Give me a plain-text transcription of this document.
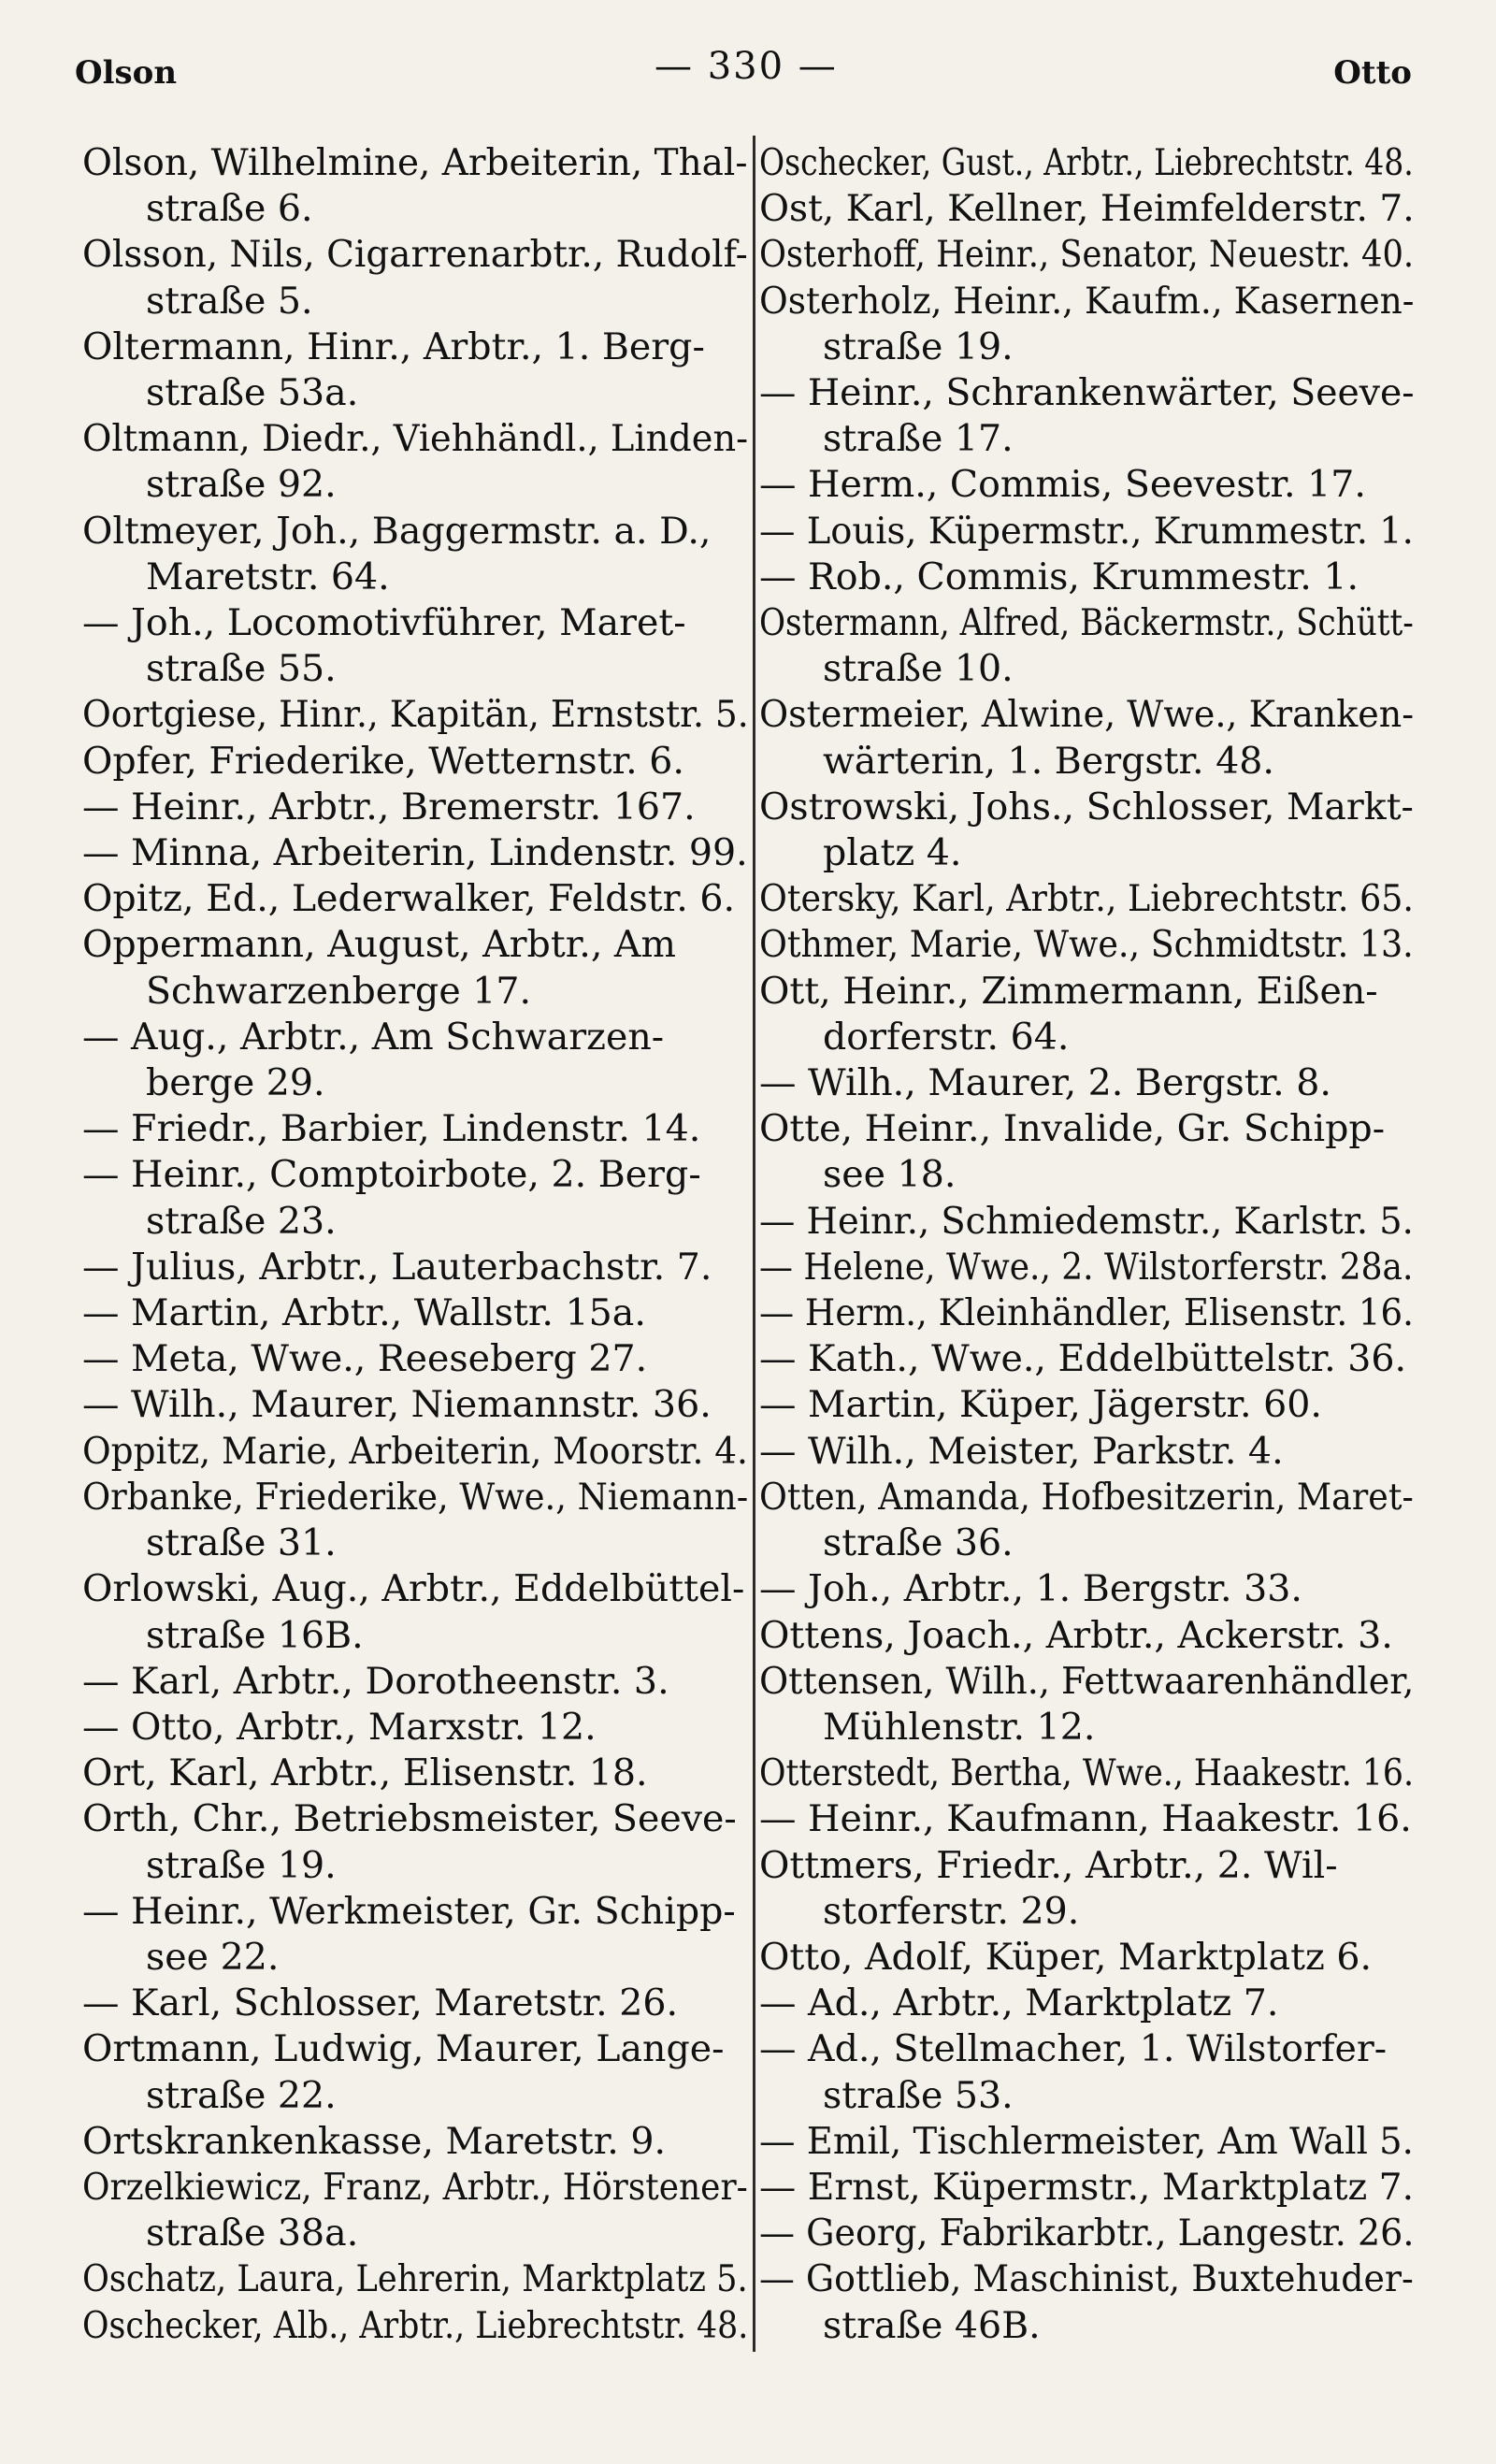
Olson	— 330 —	Otto
Olson, Wilhelmine, Arbeiterin, Thal-
straße 6.
Olsson, Nils, Cigarrenarbtr., Rudolf-
straße 5.
Oltermann, Hinr., Arbtr., 1. Berg-
straße 53a.
Oltmann, Diedr., Viehhändl., Linden-
straße 92.
Oltmeyer, Joh., Baggermstr. a. D.,
Maretstr. 64.
— Joh., Locomotivführer, Maret-
straße 55.
Oortgiese, Hinr., Kapitän, Ernststr. 5.
Opfer, Friederike, Wetternstr. 6.
— Heinr., Arbtr., Bremerstr. 167.
— Minna, Arbeiterin, Lindenstr. 99.
Opitz, Ed., Lederwalker, Feldstr. 6.
Oppermann, August, Arbtr., Am
Schwarzenberge 17.
— Aug., Arbtr., Am Schwarzen-
berge 29.
— Friedr., Barbier, Lindenstr. 14.
— Heinr., Comptoirbote, 2. Berg-
straße 23.
— Julius, Arbtr., Lauterbachstr. 7.
— Martin, Arbtr., Wallstr. 15a.
— Meta, Wwe., Reeseberg 27.
— Wilh., Maurer, Niemannstr. 36.
Oppitz, Marie, Arbeiterin, Moorstr. 4.
Orbanke, Friederike, Wwe., Niemann-
straße 31.
Orlowski, Aug., Arbtr., Eddelbüttel-
straße 16B.
— Karl, Arbtr., Dorotheenstr. 3.
— Otto, Arbtr., Marxstr. 12.
Ort, Karl, Arbtr., Elisenstr. 18.
Orth, Chr., Betriebsmeister, Seeve-
straße 19.
— Heinr., Werkmeister, Gr. Schipp-
see 22.
— Karl, Schlosser, Maretstr. 26.
Ortmann, Ludwig, Maurer, Lange-
straße 22.
Ortskrankenkasse, Maretstr. 9.
Orzelkiewicz, Franz, Arbtr., Hörstener-
straße 38a.
Oschatz, Laura, Lehrerin, Marktplatz 5.
Oschecker, Alb., Arbtr., Liebrechtstr. 48.
Oschecker, Gust., Arbtr., Liebrechtstr. 48.
Ost, Karl, Kellner, Heimfelderstr. 7.
Osterhoff, Heinr., Senator, Neuestr. 40.
Osterholz, Heinr., Kaufm., Kasernen-
straße 19.
— Heinr., Schrankenwärter, Seeve-
straße 17.
— Herm., Commis, Seevestr. 17.
— Louis, Küpermstr., Krummestr. 1.
— Rob., Commis, Krummestr. 1.
Ostermann, Alfred, Bäckermstr., Schütt-
straße 10.
Ostermeier, Alwine, Wwe., Kranken-
wärterin, 1. Bergstr. 48.
Ostrowski, Johs., Schlosser, Markt-
platz 4.
Otersky, Karl, Arbtr., Liebrechtstr. 65.
Othmer, Marie, Wwe., Schmidtstr. 13.
Ott, Heinr., Zimmermann, Eißen-
dorferstr. 64.
— Wilh., Maurer, 2. Bergstr. 8.
Otte, Heinr., Invalide, Gr. Schipp-
see 18.
— Heinr., Schmiedemstr., Karlstr. 5.
— Helene, Wwe., 2. Wilstorferstr. 28a.
— Herm., Kleinhändler, Elisenstr. 16.
— Kath., Wwe., Eddelbüttelstr. 36.
— Martin, Küper, Jägerstr. 60.
— Wilh., Meister, Parkstr. 4.
Otten, Amanda, Hofbesitzerin, Maret-
straße 36.
— Joh., Arbtr., 1. Bergstr. 33.
Ottens, Joach., Arbtr., Ackerstr. 3.
Ottensen, Wilh., Fettwaarenhändler,
Mühlenstr. 12.
Otterstedt, Bertha, Wwe., Haakestr. 16.
— Heinr., Kaufmann, Haakestr. 16.
Ottmers, Friedr., Arbtr., 2. Wil-
storferstr. 29.
Otto, Adolf, Küper, Marktplatz 6.
— Ad., Arbtr., Marktplatz 7.
— Ad., Stellmacher, 1. Wilstorfer-
straße 53.
— Emil, Tischlermeister, Am Wall 5.
— Ernst, Küpermstr., Marktplatz 7.
— Georg, Fabrikarbtr., Langestr. 26.
— Gottlieb, Maschinist, Buxtehuder-
straße 46B.
